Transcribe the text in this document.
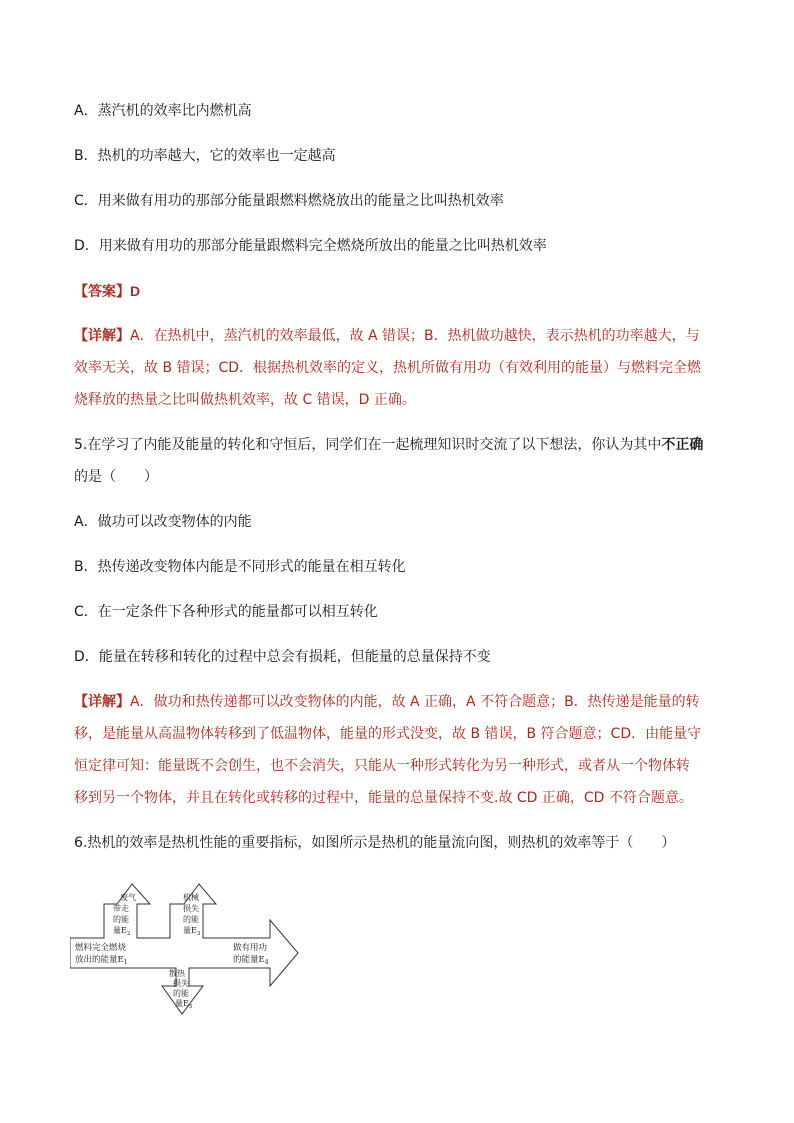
A．蒸汽机的效率比内燃机高
B．热机的功率越大，它的效率也一定越高
C．用来做有用功的那部分能量跟燃料燃烧放出的能量之比叫热机效率
D．用来做有用功的那部分能量跟燃料完全燃烧所放出的能量之比叫热机效率
【答案】D
【详解】A．在热机中，蒸汽机的效率最低，故 A 错误；B．热机做功越快，表示热机的功率越大，与
效率无关，故 B 错误；CD．根据热机效率的定义，热机所做有用功（有效利用的能量）与燃料完全燃
烧释放的热量之比叫做热机效率，故 C 错误，D 正确。
5.在学习了内能及能量的转化和守恒后，同学们在一起梳理知识时交流了以下想法，你认为其中不正确
的是（　　）
A．做功可以改变物体的内能
B．热传递改变物体内能是不同形式的能量在相互转化
C．在一定条件下各种形式的能量都可以相互转化
D．能量在转移和转化的过程中总会有损耗，但能量的总量保持不变
【详解】A．做功和热传递都可以改变物体的内能，故 A 正确，A 不符合题意；B．热传递是能量的转
移，是能量从高温物体转移到了低温物体，能量的形式没变，故 B 错误，B 符合题意；CD．由能量守
恒定律可知：能量既不会创生，也不会消失，只能从一种形式转化为另一种形式，或者从一个物体转
移到另一个物体，并且在转化或转移的过程中，能量的总量保持不变.故 CD 正确，CD 不符合题意。
6.热机的效率是热机性能的重要指标，如图所示是热机的能量流向图，则热机的效率等于（　　）
燃料完全燃烧
放出的能量$E_1$
废气
带走
的能
量$E_2$
机械
损失
的能
量$E_3$
做有用功
的能量$E_4$
散热
损失
的能
量$E_5$
